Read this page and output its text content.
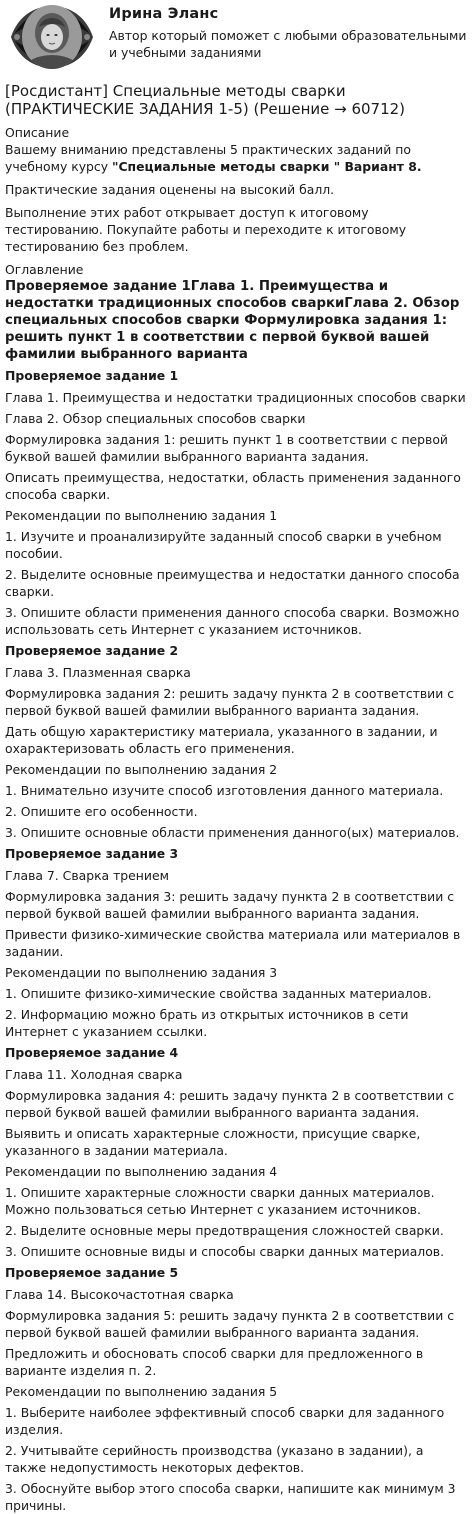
Ирина Эланс
Автор который поможет с любыми образовательными и учебными заданиями
[Росдистант] Специальные методы сварки (ПРАКТИЧЕСКИЕ ЗАДАНИЯ 1-5) (Решение → 60712)
Описание

Вашему вниманию представлены 5 практических заданий по учебному курсу "Специальные методы сварки " Вариант 8.

Практические задания оценены на высокий балл.

Выполнение этих работ открывает доступ к итоговому тестированию. Покупайте работы и переходите к итоговому тестированию без проблем.

Оглавление
Проверяемое задание 1Глава 1. Преимущества и недостатки традиционных способов сваркиГлава 2. Обзор специальных способов сварки Формулировка задания 1: решить пункт 1 в соответствии с первой буквой вашей фамилии выбранного варианта
Проверяемое задание 1

Глава 1. Преимущества и недостатки традиционных способов сварки

Глава 2. Обзор специальных способов сварки

Формулировка задания 1: решить пункт 1 в соответствии с первой буквой вашей фамилии выбранного варианта задания.

Описать преимущества, недостатки, область применения заданного способа сварки.

Рекомендации по выполнению задания 1

1. Изучите и проанализируйте заданный способ сварки в учебном пособии.

2. Выделите основные преимущества и недостатки данного способа сварки.

3. Опишите области применения данного способа сварки. Возможно использовать сеть Интернет с указанием источников.

Проверяемое задание 2

Глава 3. Плазменная сварка

Формулировка задания 2: решить задачу пункта 2 в соответствии с первой буквой вашей фамилии выбранного варианта задания.

Дать общую характеристику материала, указанного в задании, и охарактеризовать область его применения.

Рекомендации по выполнению задания 2

1. Внимательно изучите способ изготовления данного материала.

2. Опишите его особенности.

3. Опишите основные области применения данного(ых) материалов.

Проверяемое задание 3

Глава 7. Сварка трением

Формулировка задания 3: решить задачу пункта 2 в соответствии с первой буквой вашей фамилии выбранного варианта задания.

Привести физико-химические свойства материала или материалов в задании.

Рекомендации по выполнению задания 3

1. Опишите физико-химические свойства заданных материалов.

2. Информацию можно брать из открытых источников в сети Интернет с указанием ссылки.

Проверяемое задание 4

Глава 11. Холодная сварка

Формулировка задания 4: решить задачу пункта 2 в соответствии с первой буквой вашей фамилии выбранного варианта задания.

Выявить и описать характерные сложности, присущие сварке, указанного в задании материала.

Рекомендации по выполнению задания 4

1. Опишите характерные сложности сварки данных материалов. Можно пользоваться сетью Интернет с указанием источников.

2. Выделите основные меры предотвращения сложностей сварки.

3. Опишите основные виды и способы сварки данных материалов.

Проверяемое задание 5

Глава 14. Высокочастотная сварка

Формулировка задания 5: решить задачу пункта 2 в соответствии с первой буквой вашей фамилии выбранного варианта задания.

Предложить и обосновать способ сварки для предложенного в варианте изделия п. 2.

Рекомендации по выполнению задания 5

1. Выберите наиболее эффективный способ сварки для заданного изделия.

2. Учитывайте серийность производства (указано в задании), а также недопустимость некоторых дефектов.

3. Обоснуйте выбор этого способа сварки, напишите как минимум 3 причины.
